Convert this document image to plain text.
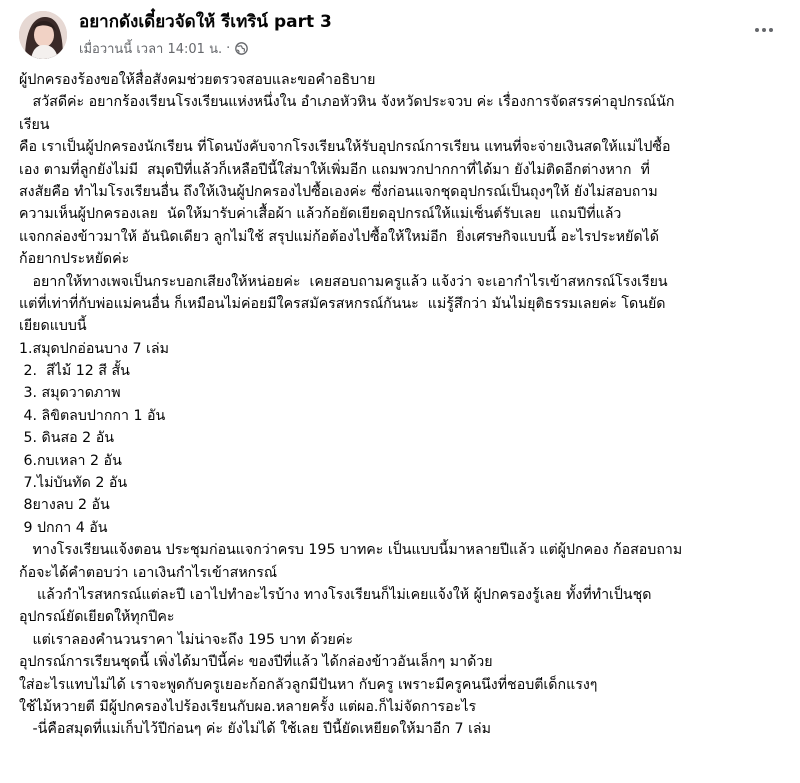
อยากดังเดี๋ยวจัดให้ รีเทริน์ part 3
เมื่อวานนี้ เวลา 14:01 น. ·
ผู้ปกครองร้องขอให้สื่อสังคมช่วยตรวจสอบและขอคำอธิบาย
สวัสดีค่ะ อยากร้องเรียนโรงเรียนแห่งหนึ่งใน อำเภอหัวหิน จังหวัดประจวบ ค่ะ เรื่องการจัดสรรค่าอุปกรณ์นัก
เรียน
คือ เราเป็นผู้ปกครองนักเรียน ที่โดนบังคับจากโรงเรียนให้รับอุปกรณ์การเรียน แทนที่จะจ่ายเงินสดให้แม่ไปซื้อ
เอง ตามที่ลูกยังไม่มี  สมุดปีที่แล้วก็เหลือปีนี้ใส่มาให้เพิ่มอีก แถมพวกปากกาที่ได้มา ยังไม่ติดอีกต่างหาก  ที่
สงสัยคือ ทำไมโรงเรียนอื่น ถึงให้เงินผู้ปกครองไปซื้อเองค่ะ ซึ่งก่อนแจกชุดอุปกรณ์เป็นถุงๆให้ ยังไม่สอบถาม
ความเห็นผู้ปกครองเลย  นัดให้มารับค่าเสื้อผ้า แล้วก้อยัดเยียดอุปกรณ์ให้แม่เซ็นต์รับเลย  แถมปีที่แล้ว
แจกกล่องข้าวมาให้ อันนิดเดียว ลูกไม่ใช้ สรุปแม่ก้อต้องไปซื้อให้ใหม่อีก  ยิ่งเศรษกิจแบบนี้ อะไรประหยัดได้
ก้อยากประหยัดค่ะ
อยากให้ทางเพจเป็นกระบอกเสียงให้หน่อยค่ะ  เคยสอบถามครูแล้ว แจ้งว่า จะเอากำไรเข้าสหกรณ์โรงเรียน
แต่ที่เท่าที่กับพ่อแม่คนอื่น ก็เหมือนไม่ค่อยมีใครสมัครสหกรณ์กันนะ  แม่รู้สึกว่า มันไม่ยุติธรรมเลยค่ะ โดนยัด
เยียดแบบนี้
1.สมุดปกอ่อนบาง 7 เล่ม
2.  สีไม้ 12 สี สั้น
3. สมุดวาดภาพ
4. ลิขิตลบปากกา 1 อัน
5. ดินสอ 2 อัน
6.กบเหลา 2 อัน
7.ไม่บันทัด 2 อัน
8ยางลบ 2 อัน
9 ปกกา 4 อัน
ทางโรงเรียนแจ้งตอน ประชุมก่อนแจกว่าครบ 195 บาทคะ เป็นแบบนี้มาหลายปีแล้ว แต่ผู้ปกคอง ก้อสอบถาม
ก้อจะได้คำตอบว่า เอาเงินกำไรเข้าสหกรณ์
แล้วกำไรสหกรณ์แต่ละปี เอาไปทำอะไรบ้าง ทางโรงเรียนก็ไม่เคยแจ้งให้ ผู้ปกครองรู้เลย ทั้งที่ทำเป็นชุด
อุปกรณ์ยัดเยียดให้ทุกปีคะ
แต่เราลองคำนวนราคา ไม่น่าจะถึง 195 บาท ด้วยค่ะ
อุปกรณ์การเรียนชุดนี้ เพิ่งได้มาปีนี้ค่ะ ของปีที่แล้ว ได้กล่องข้าวอันเล็กๆ มาด้วย
ใส่อะไรแทบไม่ได้ เราจะพูดกับครูเยอะก้อกลัวลูกมีปันหา กับครู เพราะมีครูคนนึงที่ชอบตีเด็กแรงๆ
ใช้ไม้หวายตี มีผู้ปกครองไปร้องเรียนกับผอ.หลายครั้ง แต่ผอ.ก็ไม่จัดการอะไร
-นี่คือสมุดที่แม่เก็บไว้ปีก่อนๆ ค่ะ ยังไม่ได้ ใช้เลย ปีนี้ยัดเหยียดให้มาอีก 7 เล่ม
